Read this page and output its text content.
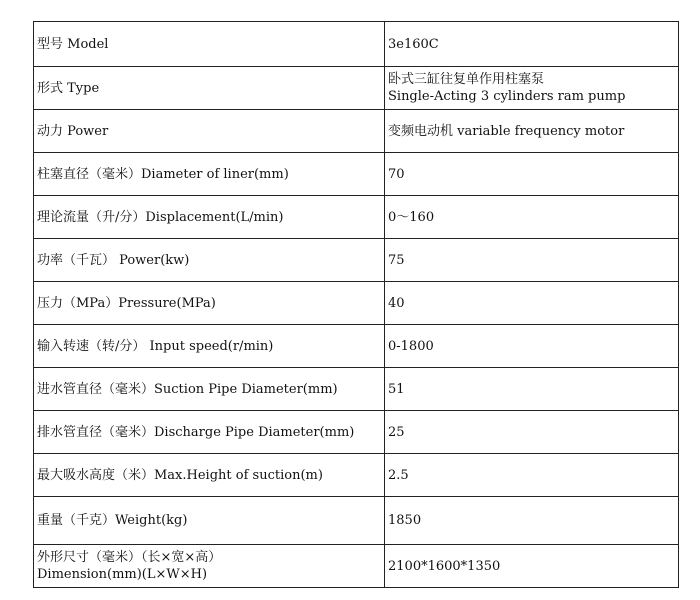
型号 Model	3e160C

形式 Type	卧式三缸往复单作用柱塞泵
Single-Acting 3 cylinders ram pump

动力 Power	变频电动机 variable frequency motor

柱塞直径（毫米）Diameter of liner(mm)	70

理论流量（升/分）Displacement(L/min)	0～160

功率（千瓦） Power(kw)	75

压力（MPa）Pressure(MPa)	40

输入转速（转/分） Input speed(r/min)	0-1800

进水管直径（毫米）Suction Pipe Diameter(mm)	51

排水管直径（毫米）Discharge Pipe Diameter(mm)	25

最大吸水高度（米）Max.Height of suction(m)	2.5

重量（千克）Weight(kg)	1850

外形尺寸（毫米）（长×宽×高）
Dimension(mm)(L×W×H)	2100*1600*1350
